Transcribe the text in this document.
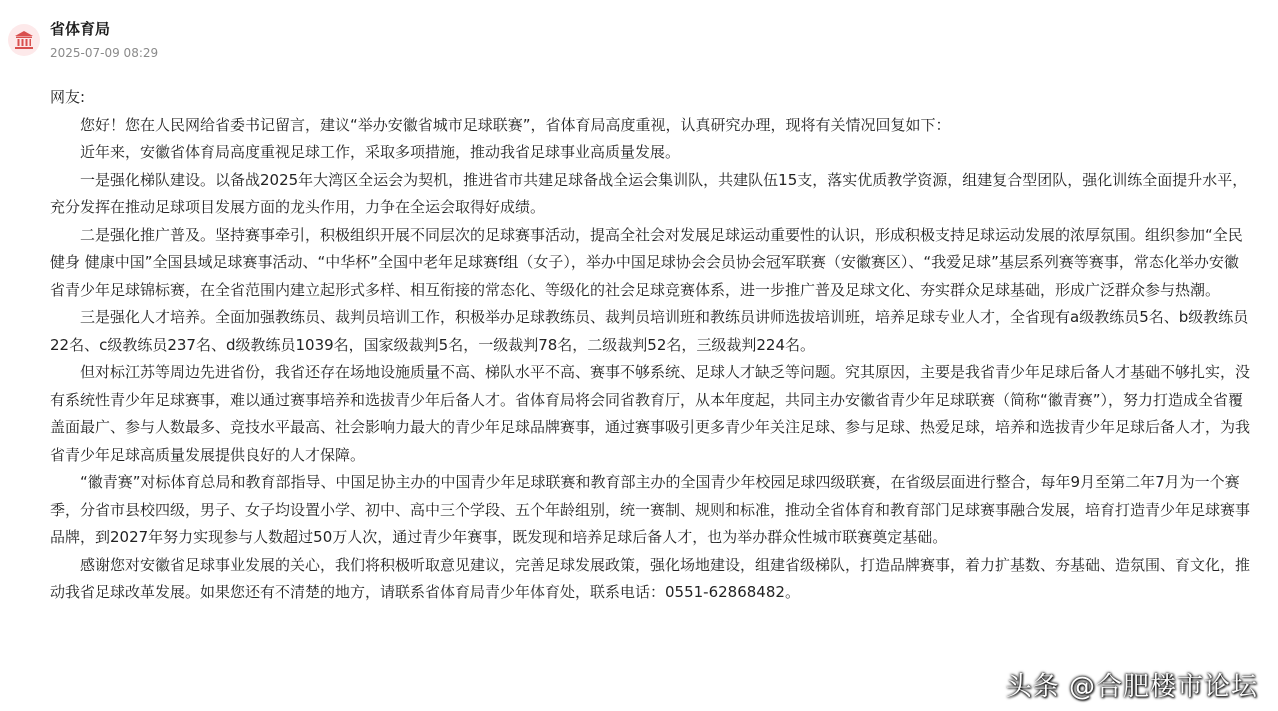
省体育局
2025-07-09 08:29

网友:

您好！您在人民网给省委书记留言，建议“举办安徽省城市足球联赛”，省体育局高度重视，认真研究办理，现将有关情况回复如下：

近年来，安徽省体育局高度重视足球工作，采取多项措施，推动我省足球事业高质量发展。

一是强化梯队建设。以备战2025年大湾区全运会为契机，推进省市共建足球备战全运会集训队，共建队伍15支，落实优质教学资源，组建复合型团队，强化训练全面提升水平，充分发挥在推动足球项目发展方面的龙头作用，力争在全运会取得好成绩。

二是强化推广普及。坚持赛事牵引，积极组织开展不同层次的足球赛事活动，提高全社会对发展足球运动重要性的认识，形成积极支持足球运动发展的浓厚氛围。组织参加“全民健身 健康中国”全国县域足球赛事活动、“中华杯”全国中老年足球赛f组（女子），举办中国足球协会会员协会冠军联赛（安徽赛区）、“我爱足球”基层系列赛等赛事，常态化举办安徽省青少年足球锦标赛，在全省范围内建立起形式多样、相互衔接的常态化、等级化的社会足球竞赛体系，进一步推广普及足球文化、夯实群众足球基础，形成广泛群众参与热潮。

三是强化人才培养。全面加强教练员、裁判员培训工作，积极举办足球教练员、裁判员培训班和教练员讲师选拔培训班，培养足球专业人才，全省现有a级教练员5名、b级教练员22名、c级教练员237名、d级教练员1039名，国家级裁判5名，一级裁判78名，二级裁判52名，三级裁判224名。

但对标江苏等周边先进省份，我省还存在场地设施质量不高、梯队水平不高、赛事不够系统、足球人才缺乏等问题。究其原因，主要是我省青少年足球后备人才基础不够扎实，没有系统性青少年足球赛事，难以通过赛事培养和选拔青少年后备人才。省体育局将会同省教育厅，从本年度起，共同主办安徽省青少年足球联赛（简称“徽青赛”），努力打造成全省覆盖面最广、参与人数最多、竞技水平最高、社会影响力最大的青少年足球品牌赛事，通过赛事吸引更多青少年关注足球、参与足球、热爱足球，培养和选拔青少年足球后备人才，为我省青少年足球高质量发展提供良好的人才保障。

“徽青赛”对标体育总局和教育部指导、中国足协主办的中国青少年足球联赛和教育部主办的全国青少年校园足球四级联赛，在省级层面进行整合，每年9月至第二年7月为一个赛季，分省市县校四级，男子、女子均设置小学、初中、高中三个学段、五个年龄组别，统一赛制、规则和标准，推动全省体育和教育部门足球赛事融合发展，培育打造青少年足球赛事品牌，到2027年努力实现参与人数超过50万人次，通过青少年赛事，既发现和培养足球后备人才，也为举办群众性城市联赛奠定基础。

感谢您对安徽省足球事业发展的关心，我们将积极听取意见建议，完善足球发展政策，强化场地建设，组建省级梯队，打造品牌赛事，着力扩基数、夯基础、造氛围、育文化，推动我省足球改革发展。如果您还有不清楚的地方，请联系省体育局青少年体育处，联系电话：0551-62868482。

头条 @合肥楼市论坛
